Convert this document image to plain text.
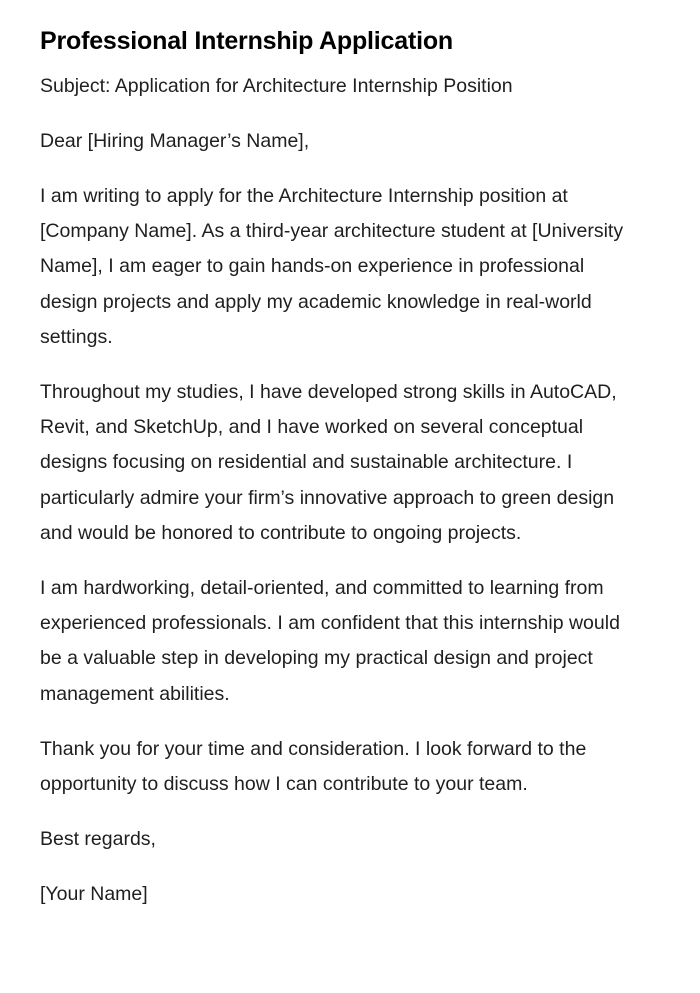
Professional Internship Application

Subject: Application for Architecture Internship Position

Dear [Hiring Manager’s Name],

I am writing to apply for the Architecture Internship position at [Company Name]. As a third-year architecture student at [University Name], I am eager to gain hands-on experience in professional design projects and apply my academic knowledge in real-world settings.

Throughout my studies, I have developed strong skills in AutoCAD, Revit, and SketchUp, and I have worked on several conceptual designs focusing on residential and sustainable architecture. I particularly admire your firm’s innovative approach to green design and would be honored to contribute to ongoing projects.

I am hardworking, detail-oriented, and committed to learning from experienced professionals. I am confident that this internship would be a valuable step in developing my practical design and project management abilities.

Thank you for your time and consideration. I look forward to the opportunity to discuss how I can contribute to your team.

Best regards,

[Your Name]
